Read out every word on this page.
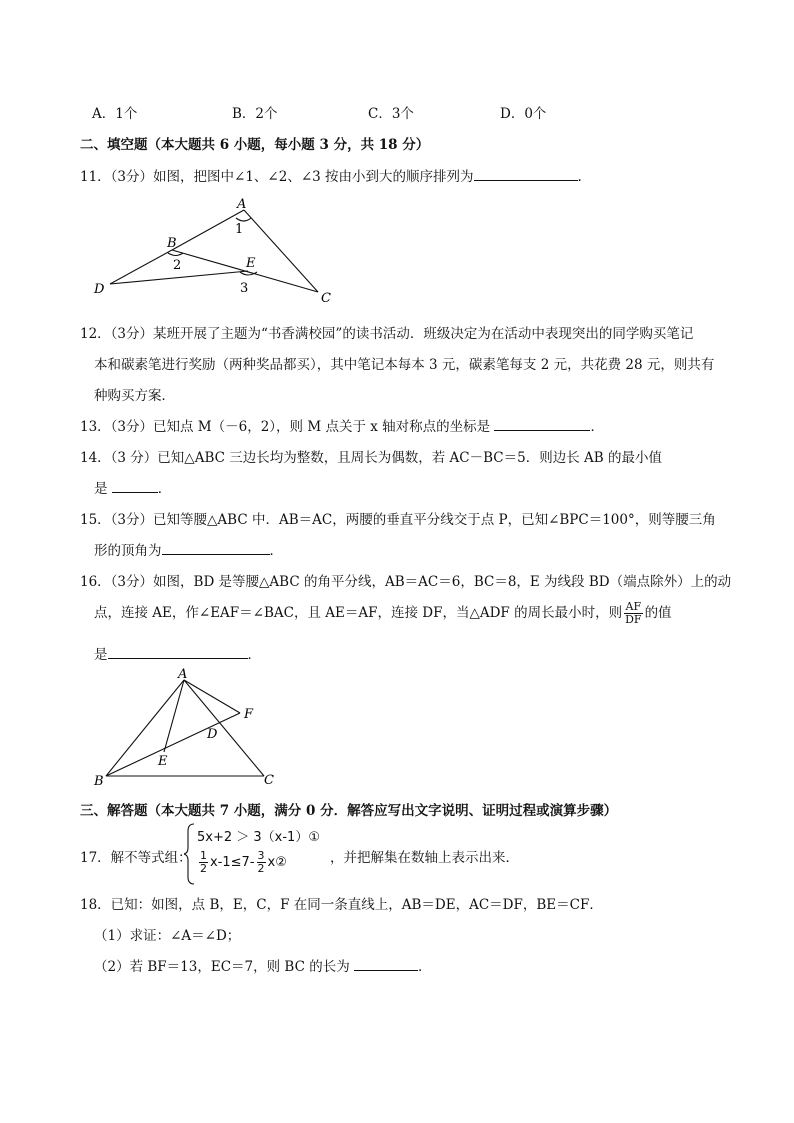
A．1个	B．2个	C．3个	D．0个
二、填空题（本大题共 6 小题，每小题 3 分，共 18 分）
11．（3分）如图，把图中∠1、∠2、∠3 按由小到大的顺序排列为	.
A
B
C
D
E
1
2
3
12．（3分）某班开展了主题为“书香满校园”的读书活动．班级决定为在活动中表现突出的同学购买笔记
本和碳素笔进行奖励（两种奖品都买），其中笔记本每本 3 元，碳素笔每支 2 元，共花费 28 元，则共有
种购买方案．
13．（3分）已知点 M（－6，2），则 M 点关于 x 轴对称点的坐标是	．
14．（3 分）已知△ABC 三边长均为整数，且周长为偶数，若 AC－BC＝5．则边长 AB 的最小值
是	．
15．（3分）已知等腰△ABC 中．AB＝AC，两腰的垂直平分线交于点 P，已知∠BPC＝100°，则等腰三角
形的顶角为	．
16．（3分）如图，BD 是等腰△ABC 的角平分线，AB＝AC＝6，BC＝8，E 为线段 BD（端点除外）上的动
点，连接 AE，作∠EAF＝∠BAC，且 AE＝AF，连接 DF，当△ADF 的周长最小时，则 $\frac{AF}{DF}$ 的值
是	．
A
B	C
D
E
F
三、解答题（本大题共 7 小题，满分 0 分．解答应写出文字说明、证明过程或演算步骤）
17．解不等式组：
5x+2 ＞ 3（x-1）①
$\frac{1}{2} x-1\le 7- \frac{3}{2}$ x②	，并把解集在数轴上表示出来．
18．已知：如图，点 B，E，C，F 在同一条直线上，AB＝DE，AC＝DF，BE＝CF．
（1）求证：∠A＝∠D；
（2）若 BF＝13，EC＝7，则 BC 的长为	．
